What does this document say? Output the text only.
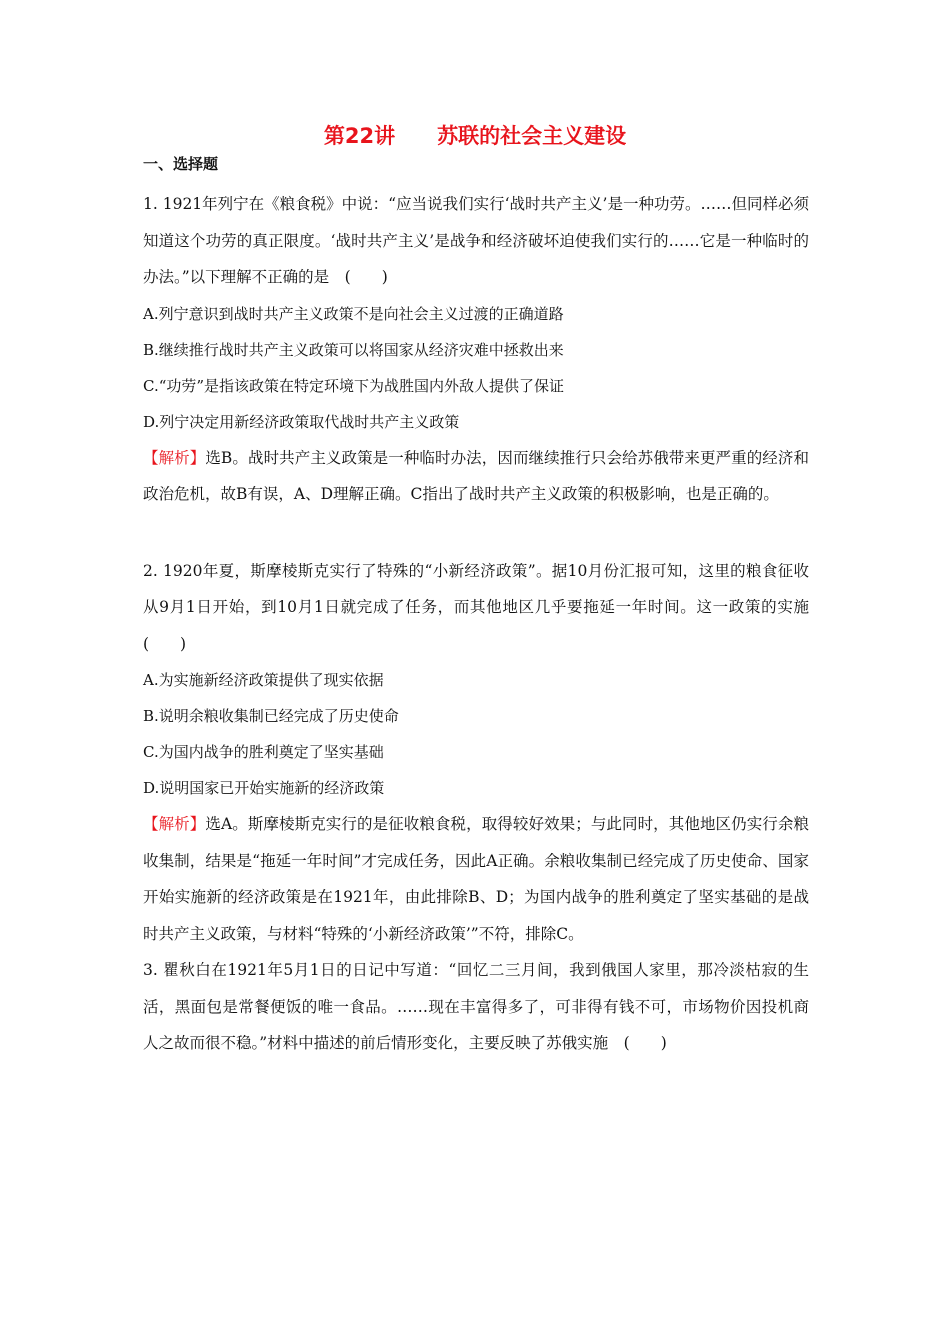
第22讲　　苏联的社会主义建设
一、选择题

1. 1921年列宁在《粮食税》中说：“应当说我们实行‘战时共产主义’是一种功劳。……但同样必须知道这个功劳的真正限度。‘战时共产主义’是战争和经济破坏迫使我们实行的……它是一种临时的办法。”以下理解不正确的是　(　　)

A.列宁意识到战时共产主义政策不是向社会主义过渡的正确道路

B.继续推行战时共产主义政策可以将国家从经济灾难中拯救出来

C.“功劳”是指该政策在特定环境下为战胜国内外敌人提供了保证

D.列宁决定用新经济政策取代战时共产主义政策

【解析】选B。战时共产主义政策是一种临时办法，因而继续推行只会给苏俄带来更严重的经济和政治危机，故B有误，A、D理解正确。C指出了战时共产主义政策的积极影响，也是正确的。

2. 1920年夏，斯摩棱斯克实行了特殊的“小新经济政策”。据10月份汇报可知，这里的粮食征收从9月1日开始，到10月1日就完成了任务，而其他地区几乎要拖延一年时间。这一政策的实施　(　　)

A.为实施新经济政策提供了现实依据

B.说明余粮收集制已经完成了历史使命

C.为国内战争的胜利奠定了坚实基础

D.说明国家已开始实施新的经济政策

【解析】选A。斯摩棱斯克实行的是征收粮食税，取得较好效果；与此同时，其他地区仍实行余粮收集制，结果是“拖延一年时间”才完成任务，因此A正确。余粮收集制已经完成了历史使命、国家开始实施新的经济政策是在1921年，由此排除B、D；为国内战争的胜利奠定了坚实基础的是战时共产主义政策，与材料“特殊的‘小新经济政策’”不符，排除C。

3. 瞿秋白在1921年5月1日的日记中写道：“回忆二三月间，我到俄国人家里，那冷淡枯寂的生活，黑面包是常餐便饭的唯一食品。……现在丰富得多了，可非得有钱不可，市场物价因投机商人之故而很不稳。”材料中描述的前后情形变化，主要反映了苏俄实施　(　　)
